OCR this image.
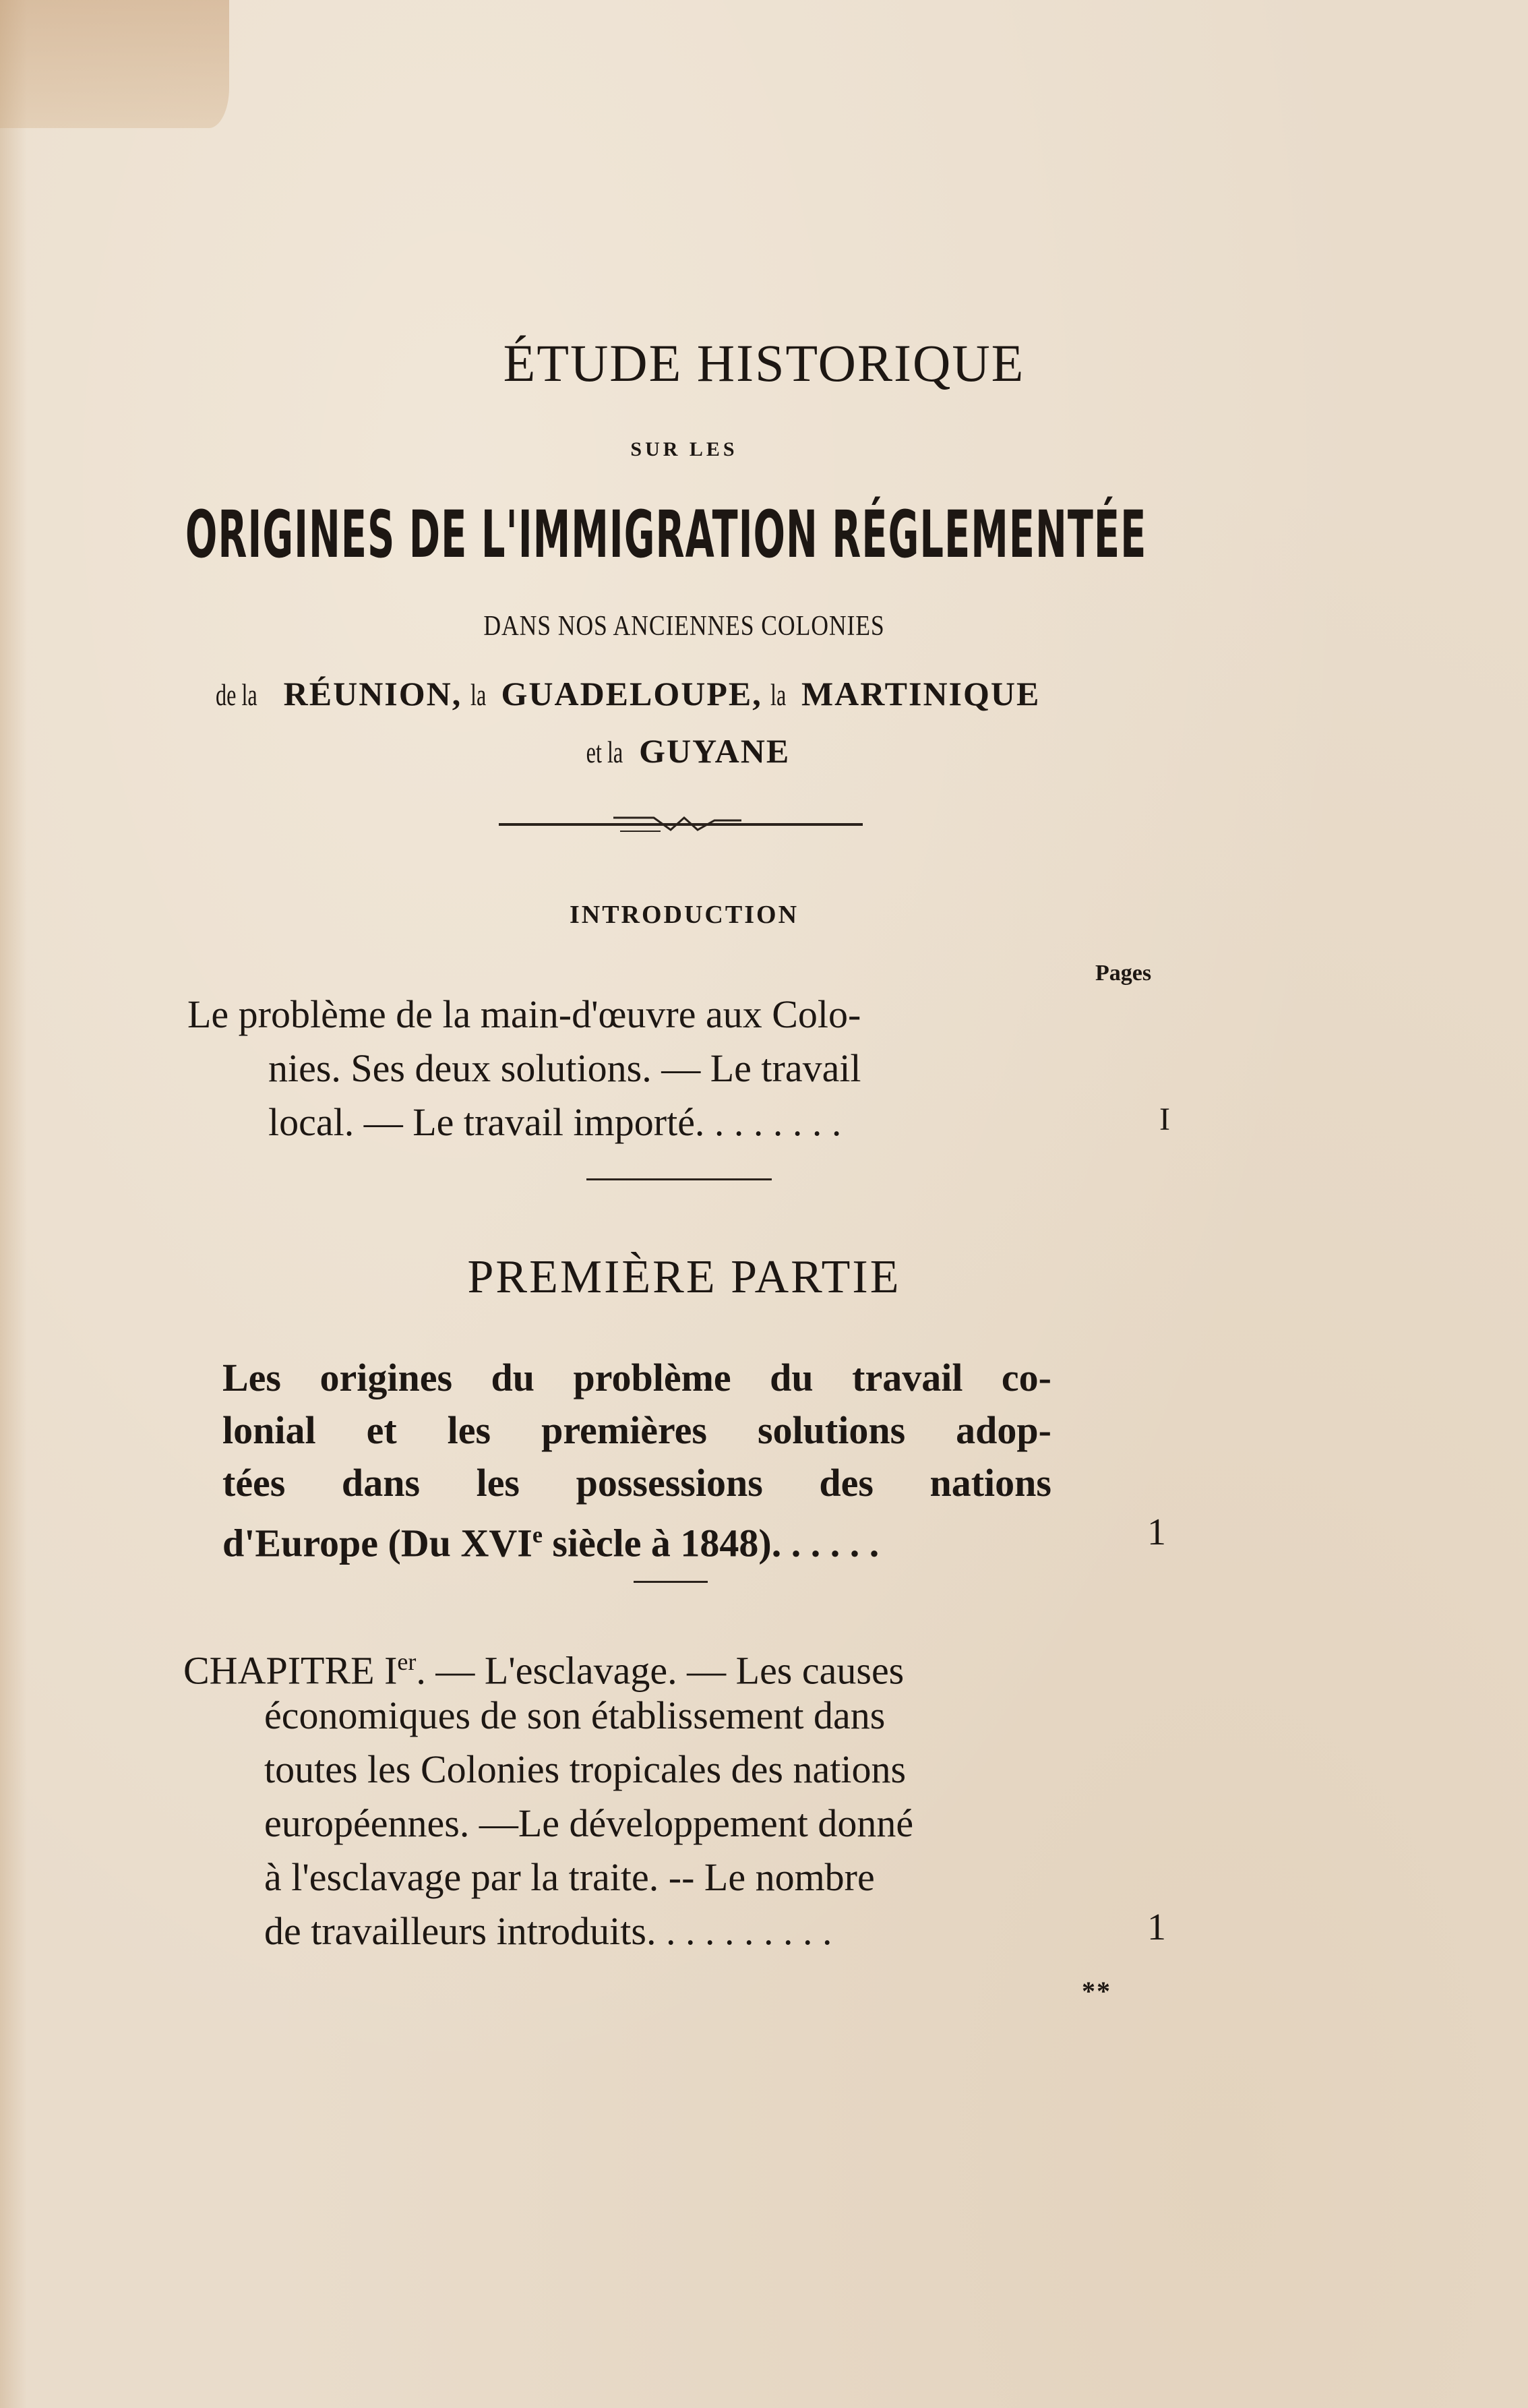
ÉTUDE HISTORIQUE
SUR LES
ORIGINES DE L'IMMIGRATION RÉGLEMENTÉE
DANS NOS ANCIENNES COLONIES
de la RÉUNION, la GUADELOUPE, la MARTINIQUE
et la GUYANE
INTRODUCTION
Pages
Le problème de la main-d'œuvre aux Colo-
nies. Ses deux solutions. — Le travail
local. — Le travail importé. . . . . . . .	I
PREMIÈRE PARTIE
Les origines du problème du travail co-
lonial et les premières solutions adop-
tées dans les possessions des nations
d'Europe (Du XVIe siècle à 1848). . . . . .	1
CHAPITRE Ier. — L'esclavage. — Les causes
économiques de son établissement dans
toutes les Colonies tropicales des nations
européennes. —Le développement donné
à l'esclavage par la traite. -- Le nombre
de travailleurs introduits. . . . . . . . . .	1
**
